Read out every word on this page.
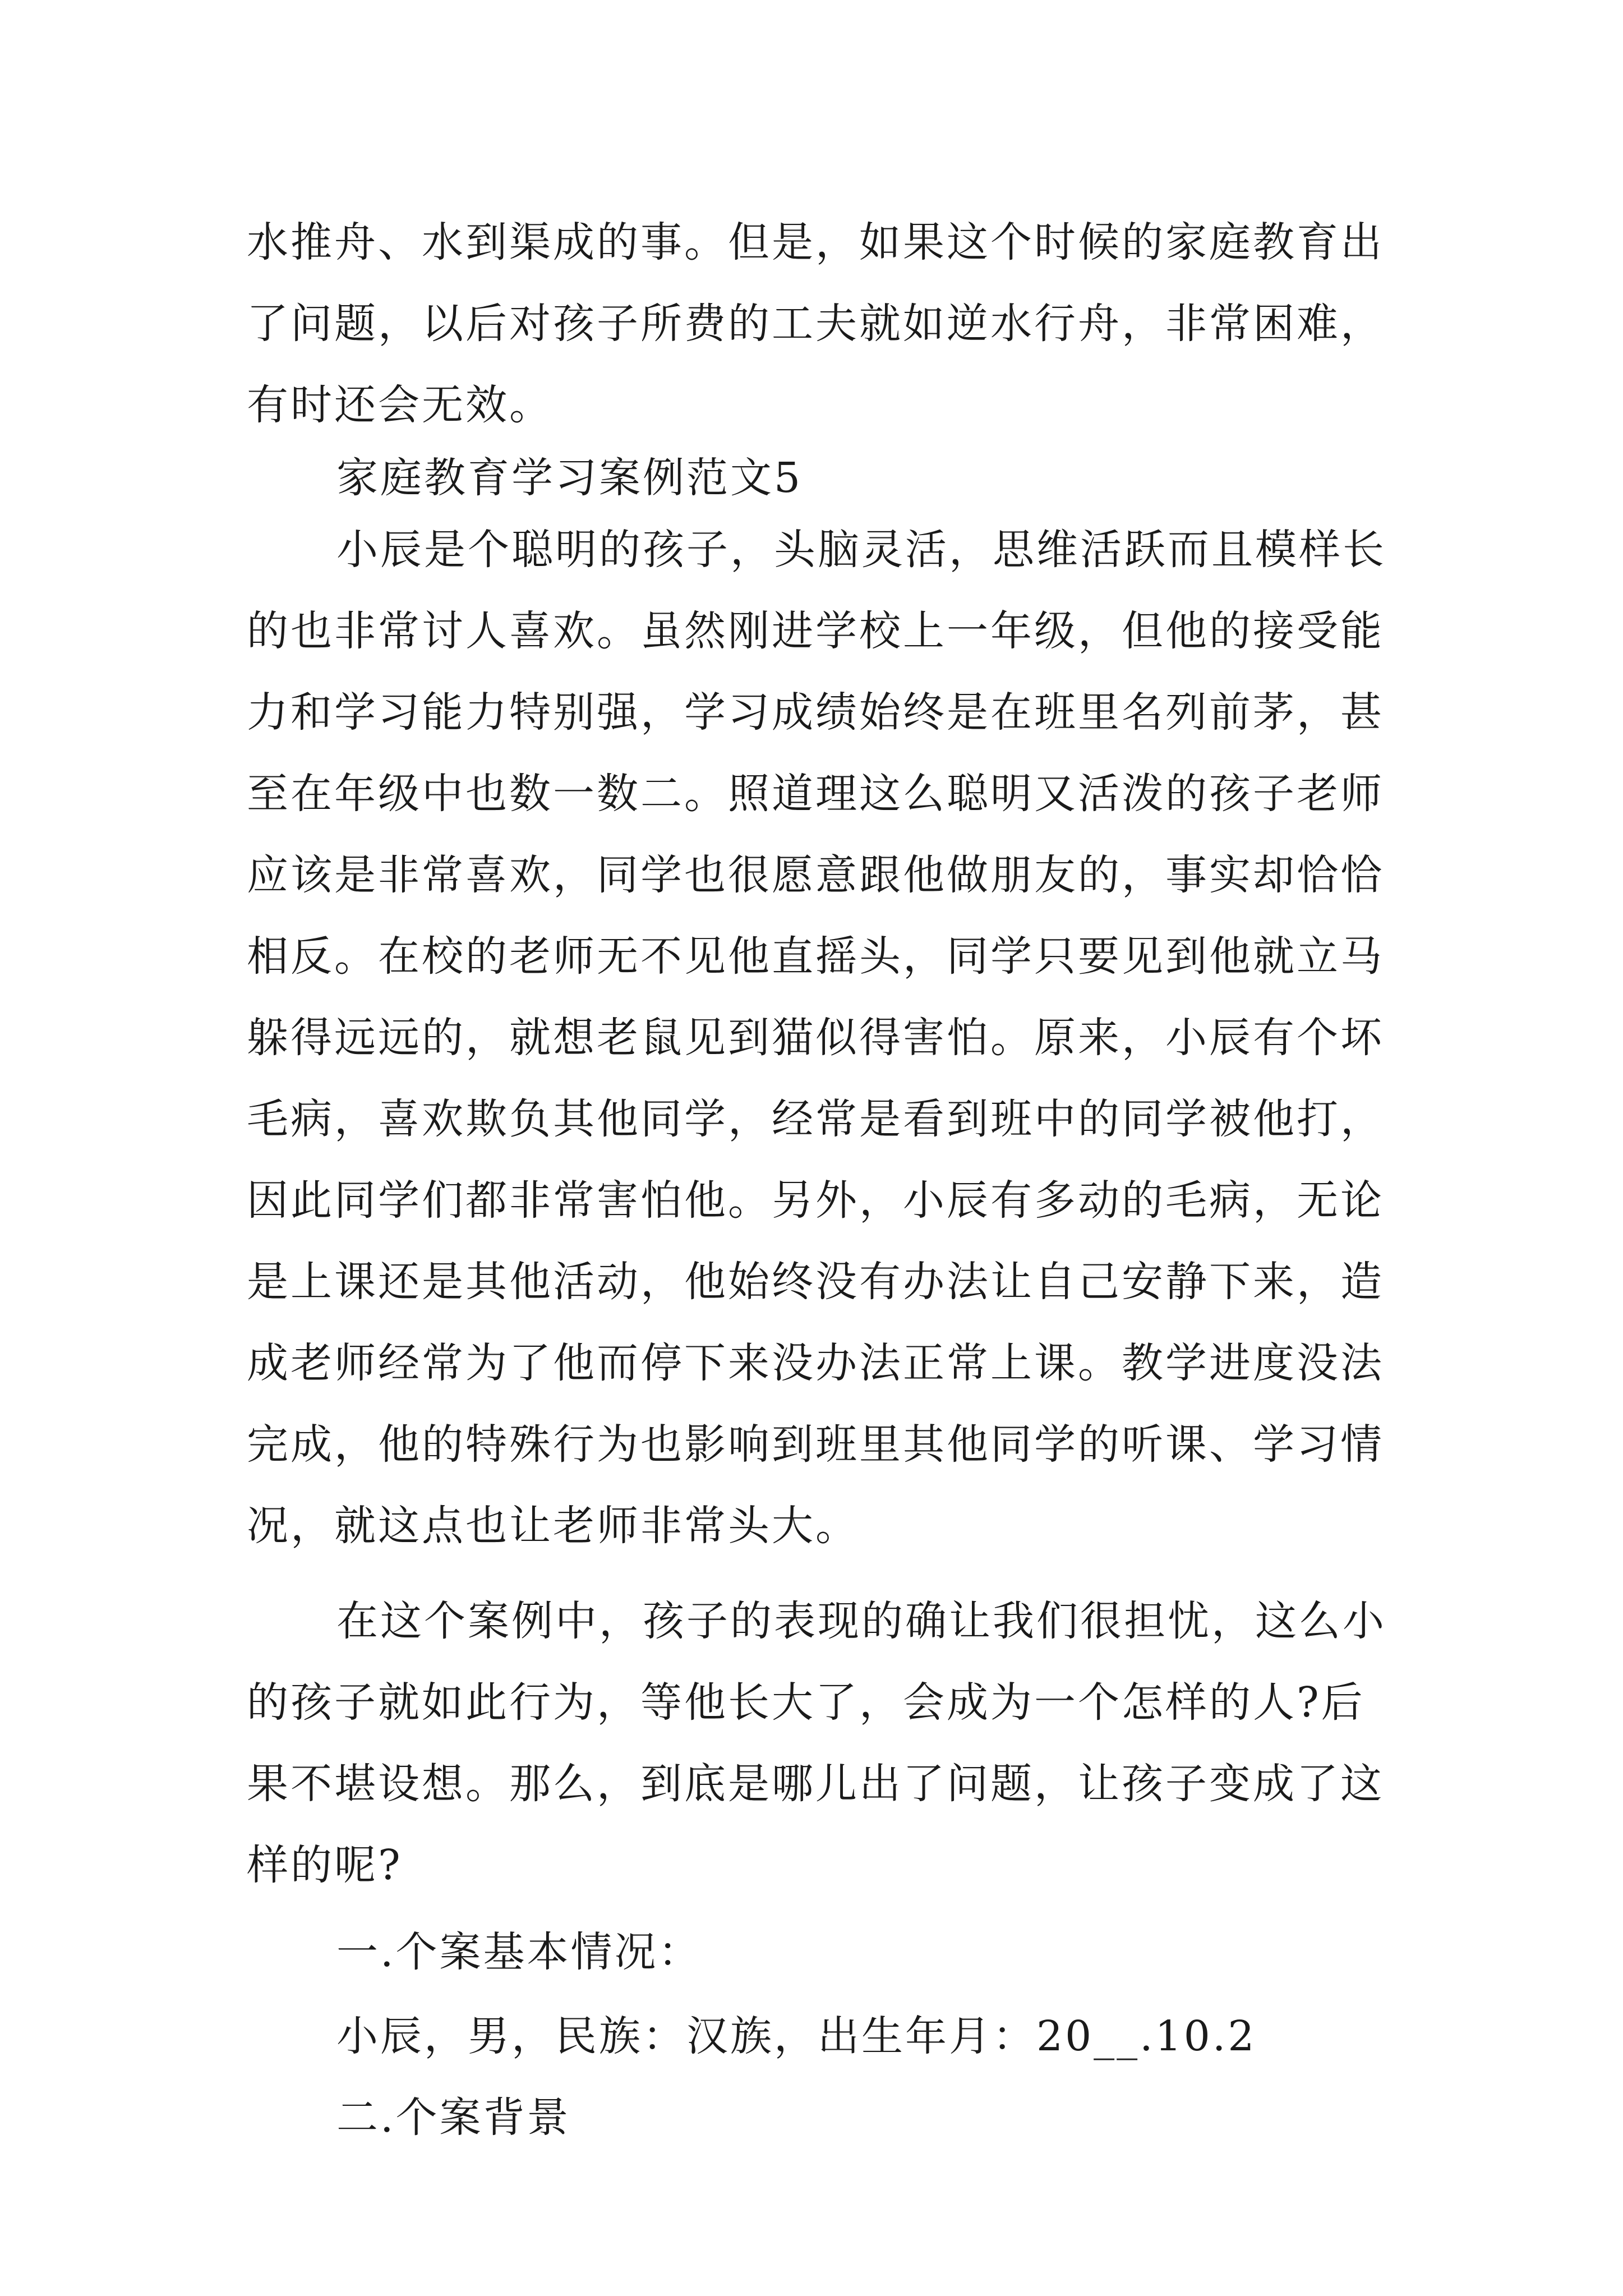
水推舟、水到渠成的事。但是，如果这个时候的家庭教育出
了问题，以后对孩子所费的工夫就如逆水行舟，非常困难，
有时还会无效。
家庭教育学习案例范文5
小辰是个聪明的孩子，头脑灵活，思维活跃而且模样长
的也非常讨人喜欢。虽然刚进学校上一年级，但他的接受能
力和学习能力特别强，学习成绩始终是在班里名列前茅，甚
至在年级中也数一数二。照道理这么聪明又活泼的孩子老师
应该是非常喜欢，同学也很愿意跟他做朋友的，事实却恰恰
相反。在校的老师无不见他直摇头，同学只要见到他就立马
躲得远远的，就想老鼠见到猫似得害怕。原来，小辰有个坏
毛病，喜欢欺负其他同学，经常是看到班中的同学被他打，
因此同学们都非常害怕他。另外，小辰有多动的毛病，无论
是上课还是其他活动，他始终没有办法让自己安静下来，造
成老师经常为了他而停下来没办法正常上课。教学进度没法
完成，他的特殊行为也影响到班里其他同学的听课、学习情
况，就这点也让老师非常头大。
在这个案例中，孩子的表现的确让我们很担忧，这么小
的孩子就如此行为，等他长大了，会成为一个怎样的人?后
果不堪设想。那么，到底是哪儿出了问题，让孩子变成了这
样的呢?
一.个案基本情况：
小辰，男，民族：汉族，出生年月：20__.10.2
二.个案背景
